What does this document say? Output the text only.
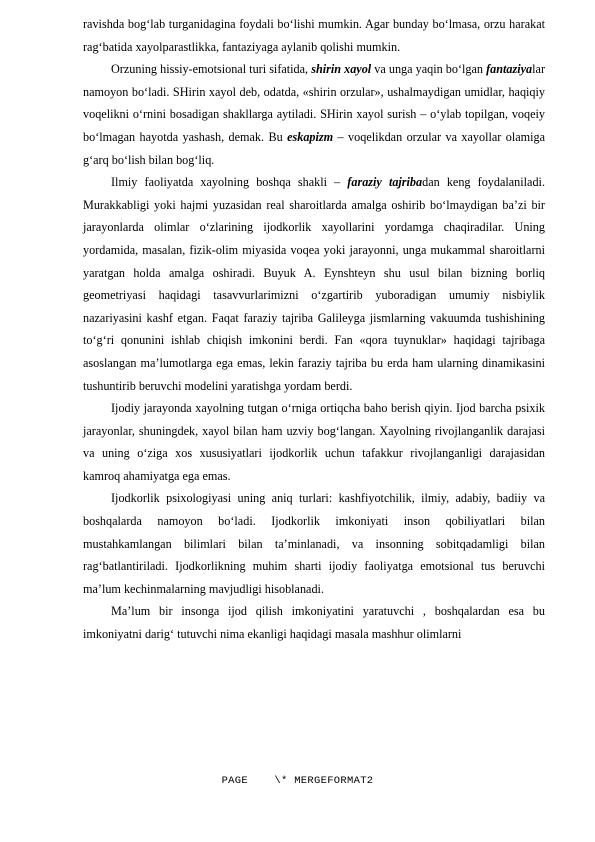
ravishda bog‘lab turganidagina foydali bo‘lishi mumkin. Agar bunday bo‘lmasa, orzu harakat rag‘batida xayolparastlikka, fantaziyaga aylanib qolishi mumkin.

Orzuning hissiy-emotsional turi sifatida, shirin xayol va unga yaqin bo‘lgan fantaziyalar namoyon bo‘ladi. SHirin xayol deb, odatda, «shirin orzular», ushalmaydigan umidlar, haqiqiy voqelikni o‘rnini bosadigan shakllarga aytiladi. SHirin xayol surish – o‘ylab topilgan, voqeiy bo‘lmagan hayotda yashash, demak. Bu eskapizm – voqelikdan orzular va xayollar olamiga g‘arq bo‘lish bilan bog‘liq.

Ilmiy faoliyatda xayolning boshqa shakli – faraziy tajribadan keng foydalaniladi. Murakkabligi yoki hajmi yuzasidan real sharoitlarda amalga oshirib bo‘lmaydigan ba’zi bir jarayonlarda olimlar o‘zlarining ijodkorlik xayollarini yordamga chaqiradilar. Uning yordamida, masalan, fizik-olim miyasida voqea yoki jarayonni, unga mukammal sharoitlarni yaratgan holda amalga oshiradi. Buyuk A. Eynshteyn shu usul bilan bizning borliq geometriyasi haqidagi tasavvurlarimizni o‘zgartirib yuboradigan umumiy nisbiylik nazariyasini kashf etgan. Faqat faraziy tajriba Galileyga jismlarning vakuumda tushishining to‘g‘ri qonunini ishlab chiqish imkonini berdi. Fan «qora tuynuklar» haqidagi tajribaga asoslangan ma’lumotlarga ega emas, lekin faraziy tajriba bu erda ham ularning dinamikasini tushuntirib beruvchi modelini yaratishga yordam berdi.

Ijodiy jarayonda xayolning tutgan o‘rniga ortiqcha baho berish qiyin. Ijod barcha psixik jarayonlar, shuningdek, xayol bilan ham uzviy bog‘langan. Xayolning rivojlanganlik darajasi va uning o‘ziga xos xususiyatlari ijodkorlik uchun tafakkur rivojlanganligi darajasidan kamroq ahamiyatga ega emas.

Ijodkorlik psixologiyasi uning aniq turlari: kashfiyotchilik, ilmiy, adabiy, badiiy va boshqalarda namoyon bo‘ladi. Ijodkorlik imkoniyati inson qobiliyatlari bilan mustahkamlangan bilimlari bilan ta’minlanadi, va insonning sobitqadamligi bilan rag‘batlantiriladi. Ijodkorlikning muhim sharti ijodiy faoliyatga emotsional tus beruvchi ma’lum kechinmalarning mavjudligi hisoblanadi.

Ma’lum bir insonga ijod qilish imkoniyatini yaratuvchi , boshqalardan esa bu imkoniyatni darig‘ tutuvchi nima ekanligi haqidagi masala mashhur olimlarni

PAGE    \* MERGEFORMAT2
